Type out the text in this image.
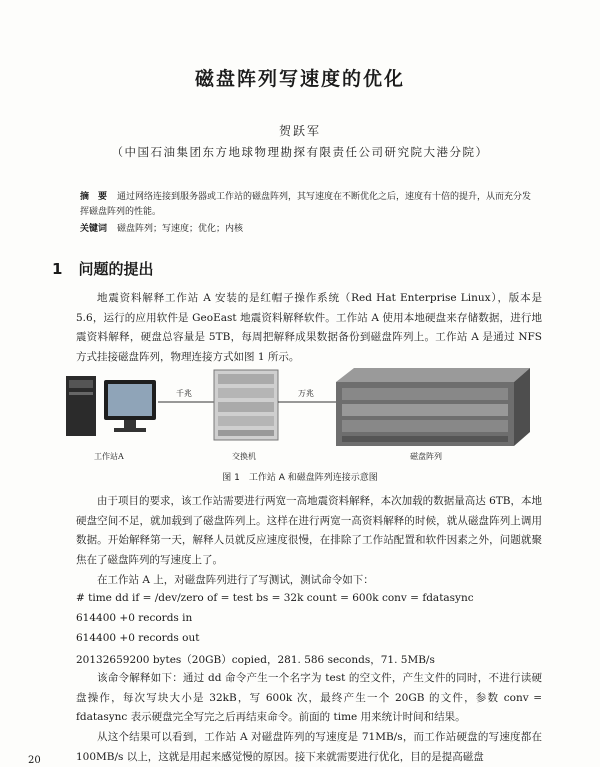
磁盘阵列写速度的优化
贺跃军
（中国石油集团东方地球物理勘探有限责任公司研究院大港分院）
摘　要 通过网络连接到服务器或工作站的磁盘阵列，其写速度在不断优化之后，速度有十倍的提升，从而充分发挥磁盘阵列的性能。
关键词 磁盘阵列；写速度；优化；内核
1 问题的提出
地震资料解释工作站 A 安装的是红帽子操作系统（Red Hat Enterprise Linux），版本是 5.6，运行的应用软件是 GeoEast 地震资料解释软件。工作站 A 使用本地硬盘来存储数据，进行地震资料解释，硬盘总容量是 5TB，每周把解释成果数据备份到磁盘阵列上。工作站 A 是通过 NFS 方式挂接磁盘阵列，物理连接方式如图 1 所示。
千兆	万兆
工作站A	交换机	磁盘阵列
图 1　工作站 A 和磁盘阵列连接示意图
由于项目的要求，该工作站需要进行两宽一高地震资料解释，本次加载的数据量高达 6TB，本地硬盘空间不足，就加载到了磁盘阵列上。这样在进行两宽一高资料解释的时候，就从磁盘阵列上调用数据。开始解释第一天，解释人员就反应速度很慢，在排除了工作站配置和软件因素之外，问题就聚焦在了磁盘阵列的写速度上了。
在工作站 A 上，对磁盘阵列进行了写测试，测试命令如下：
# time dd if = /dev/zero of = test bs = 32k count = 600k conv = fdatasync
614400 +0 records in
614400 +0 records out
20132659200 bytes（20GB）copied，281. 586 seconds，71. 5MB/s
该命令解释如下：通过 dd 命令产生一个名字为 test 的空文件，产生文件的同时，不进行读硬盘操作，每次写块大小是 32kB，写 600k 次，最终产生一个 20GB 的文件，参数 conv = fdatasync 表示硬盘完全写完之后再结束命令。前面的 time 用来统计时间和结果。
从这个结果可以看到，工作站 A 对磁盘阵列的写速度是 71MB/s，而工作站硬盘的写速度都在 100MB/s 以上，这就是用起来感觉慢的原因。接下来就需要进行优化，目的是提高磁盘
20
